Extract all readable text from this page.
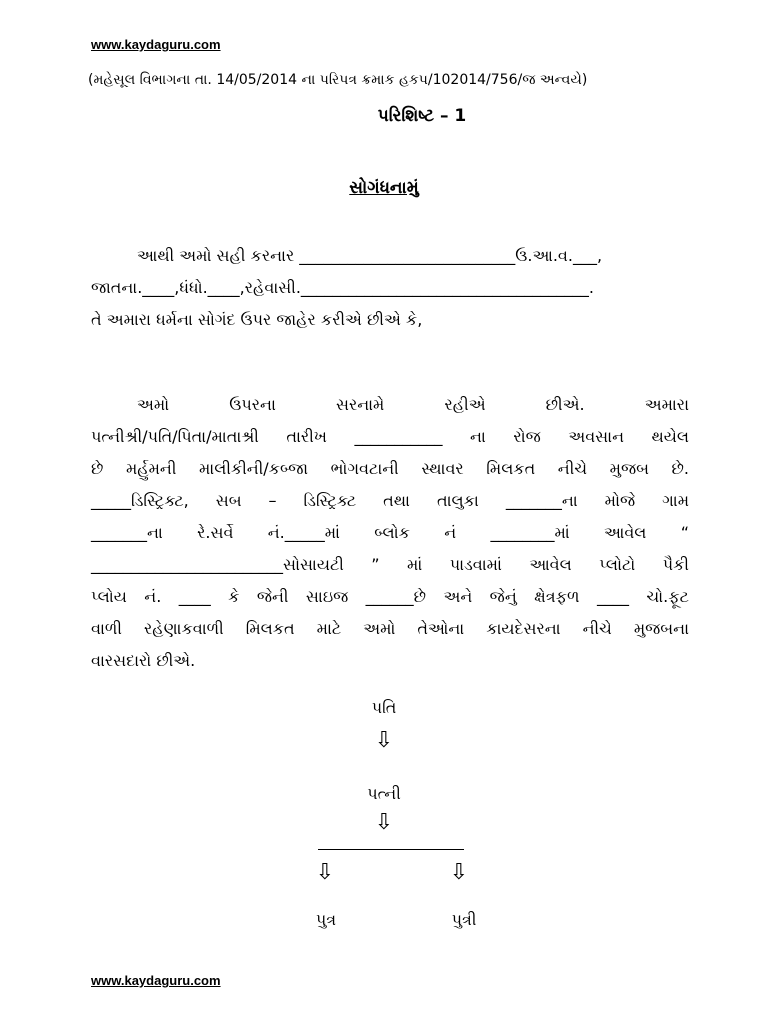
www.kaydaguru.com
(મહેસૂલ વિભાગના તા. 14/05/2014 ના પરિપત્ર ક્રમાક હકપ/102014/756/જ અન્વયે)
પરિશિષ્ટ – 1
સોગંધનામું
આથી અમો સહી કરનાર ___________________________ઉ.આ.વ.___,
જાતના.____,ધંધો.____,રહેવાસી.____________________________________.
તે અમારા ધર્મના સોગંદ ઉપર જાહેર કરીએ છીએ કે,
અમો ઉપરના સરનામે રહીએ છીએ. અમારા
પત્નીશ્રી/પતિ/પિતા/માતાશ્રી તારીખ ___________ ના રોજ અવસાન થયેલ
છે મર્હુમની માલીકીની/કબ્જા ભોગવટાની સ્થાવર મિલકત નીચે મુજબ છે.
_____ડિસ્ટ્રિક્ટ, સબ – ડિસ્ટ્રિક્ટ તથા તાલુકા _______ના મોજે ગામ
_______ના રે.સર્વે નં._____માં બ્લોક નં ________માં આવેલ “
________________________સોસાયટી ” માં પાડવામાં આવેલ પ્લોટો પૈકી
પ્લોય નં. ____ કે જેની સાઇજ ______છે અને જેનું ક્ષેત્રફળ ____ ચો.ફૂટ
વાળી રહેણાકવાળી મિલકત માટે અમો તેઓના કાયદેસરના નીચે મુજબના
વારસદારો છીએ.
પતિ
⇩
પત્ની
⇩
⇩	⇩
પુત્ર	પુત્રી
www.kaydaguru.com
